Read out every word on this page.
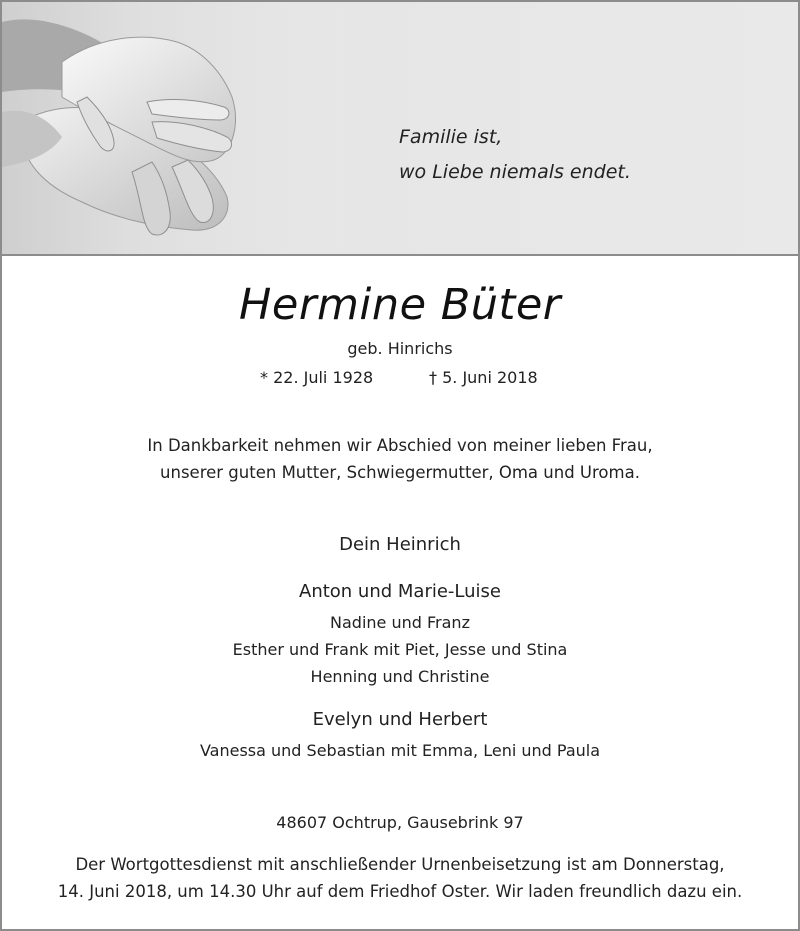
Familie ist,
wo Liebe niemals endet.
Hermine Büter
geb. Hinrichs
* 22. Juli 1928	† 5. Juni 2018
In Dankbarkeit nehmen wir Abschied von meiner lieben Frau,
unserer guten Mutter, Schwiegermutter, Oma und Uroma.
Dein Heinrich
Anton und Marie-Luise
Nadine und Franz
Esther und Frank mit Piet, Jesse und Stina
Henning und Christine
Evelyn und Herbert
Vanessa und Sebastian mit Emma, Leni und Paula
48607 Ochtrup, Gausebrink 97
Der Wortgottesdienst mit anschließender Urnenbeisetzung ist am Donnerstag,
14. Juni 2018, um 14.30 Uhr auf dem Friedhof Oster. Wir laden freundlich dazu ein.
